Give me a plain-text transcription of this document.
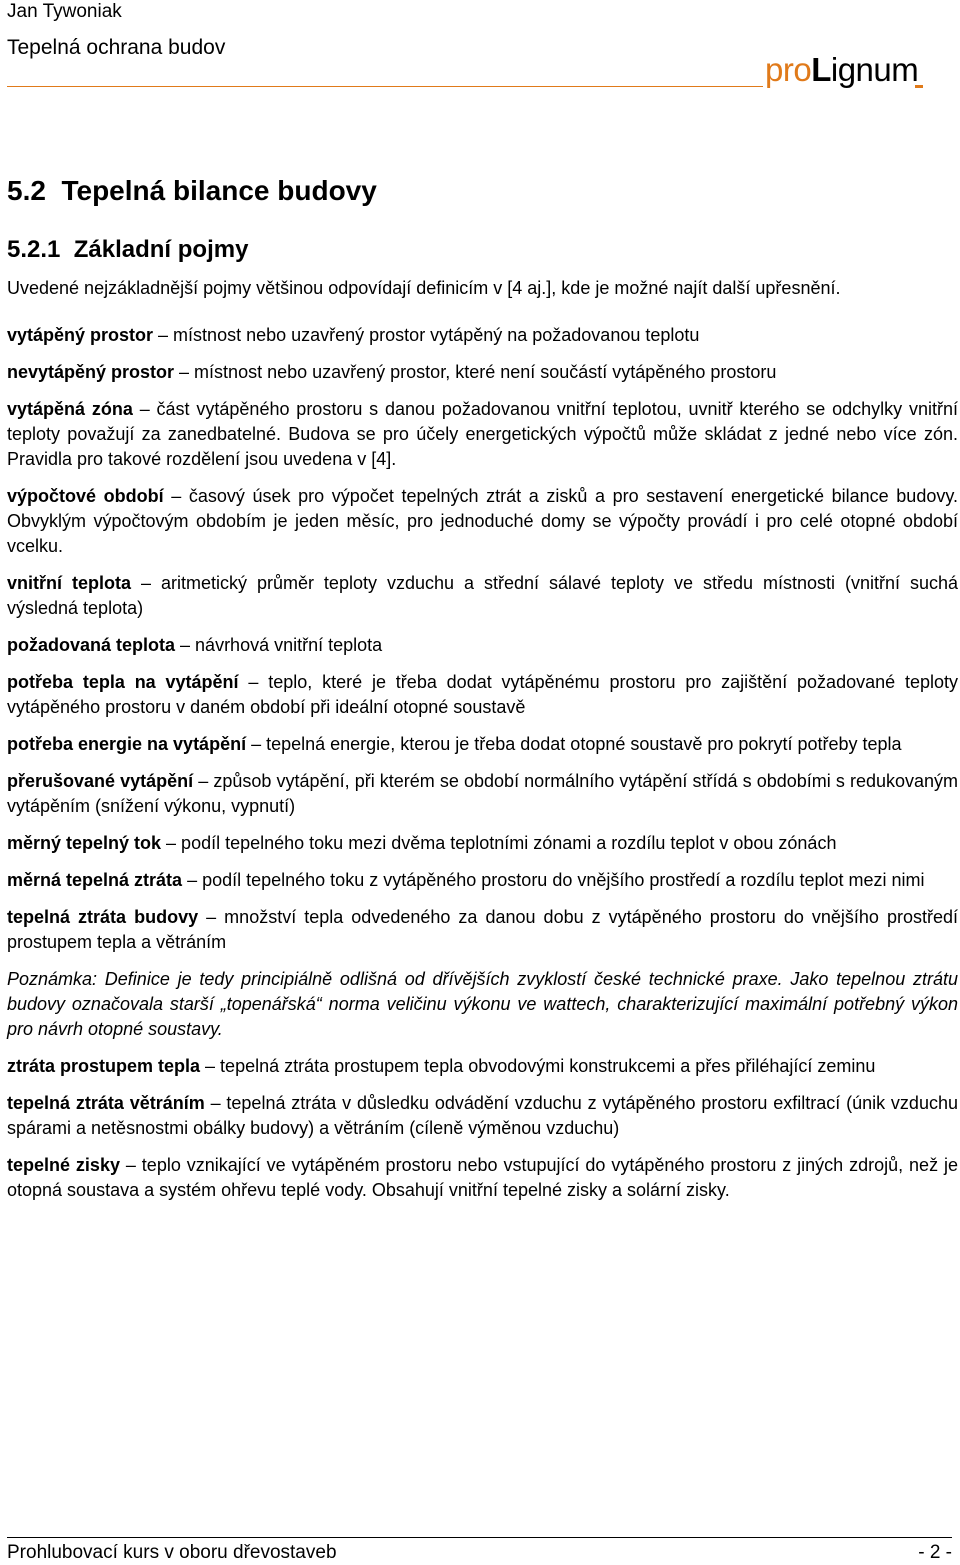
Jan Tywoniak
Tepelná ochrana budov
proLignum
5.2  Tepelná bilance budovy
5.2.1  Základní pojmy

Uvedené nejzákladnější pojmy většinou odpovídají definicím v [4 aj.], kde je možné najít další upřesnění.

vytápěný prostor – místnost nebo uzavřený prostor vytápěný na požadovanou teplotu

nevytápěný prostor – místnost nebo uzavřený prostor, které není součástí vytápěného prostoru

vytápěná zóna – část vytápěného prostoru s danou požadovanou vnitřní teplotou, uvnitř kterého se odchylky vnitřní teploty považují za zanedbatelné. Budova se pro účely energetických výpočtů může skládat z jedné nebo více zón. Pravidla pro takové rozdělení jsou uvedena v [4].

výpočtové období – časový úsek pro výpočet tepelných ztrát a zisků a pro sestavení energetické bilance budovy. Obvyklým výpočtovým obdobím je jeden měsíc, pro jednoduché domy se výpočty provádí i pro celé otopné období vcelku.

vnitřní teplota – aritmetický průměr teploty vzduchu a střední sálavé teploty ve středu místnosti (vnitřní suchá výsledná teplota)

požadovaná teplota – návrhová vnitřní teplota

potřeba tepla na vytápění – teplo, které je třeba dodat vytápěnému prostoru pro zajištění požadované teploty vytápěného prostoru v daném období při ideální otopné soustavě

potřeba energie na vytápění – tepelná energie, kterou je třeba dodat otopné soustavě pro pokrytí potřeby tepla

přerušované vytápění – způsob vytápění, při kterém se období normálního vytápění střídá s obdobími s redukovaným vytápěním (snížení výkonu, vypnutí)

měrný tepelný tok – podíl tepelného toku mezi dvěma teplotními zónami a rozdílu teplot v obou zónách

měrná tepelná ztráta – podíl tepelného toku z vytápěného prostoru do vnějšího prostředí a rozdílu teplot mezi nimi

tepelná ztráta budovy – množství tepla odvedeného za danou dobu z vytápěného prostoru do vnějšího prostředí prostupem tepla a větráním

Poznámka: Definice je tedy principiálně odlišná od dřívějších zvyklostí české technické praxe. Jako tepelnou ztrátu budovy označovala starší „topenářská“ norma veličinu výkonu ve wattech, charakterizující maximální potřebný výkon pro návrh otopné soustavy.

ztráta prostupem tepla – tepelná ztráta prostupem tepla obvodovými konstrukcemi a přes přiléhající zeminu

tepelná ztráta větráním – tepelná ztráta v důsledku odvádění vzduchu z vytápěného prostoru exfiltrací (únik vzduchu spárami a netěsnostmi obálky budovy) a větráním (cíleně výměnou vzduchu)

tepelné zisky – teplo vznikající ve vytápěném prostoru nebo vstupující do vytápěného prostoru z jiných zdrojů, než je otopná soustava a systém ohřevu teplé vody. Obsahují vnitřní tepelné zisky a solární zisky.

Prohlubovací kurs v oboru dřevostaveb	- 2 -
